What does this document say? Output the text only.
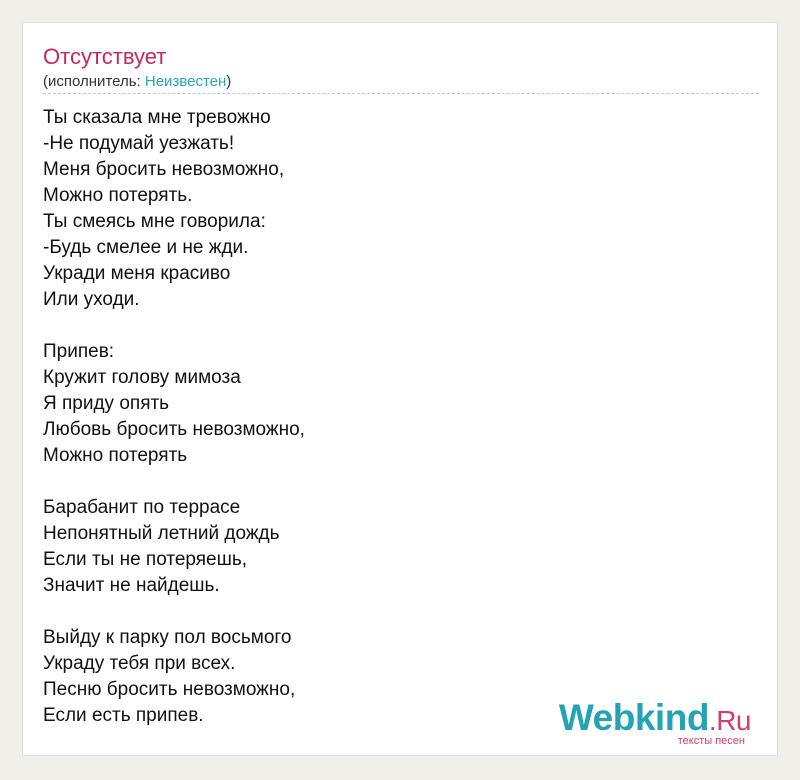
Отсутствует
(исполнитель: Неизвестен)
Ты сказала мне тревожно
-Не подумай уезжать!
Меня бросить невозможно,
Можно потерять.
Ты смеясь мне говорила:
-Будь смелее и не жди.
Укради меня красиво
Или уходи.
Припев:
Кружит голову мимоза
Я приду опять
Любовь бросить невозможно,
Можно потерять
Барабанит по террасе
Непонятный летний дождь
Если ты не потеряешь,
Значит не найдешь.
Выйду к парку пол восьмого
Украду тебя при всех.
Песню бросить невозможно,
Если есть припев.	Webkind.Ru
тексты песен
